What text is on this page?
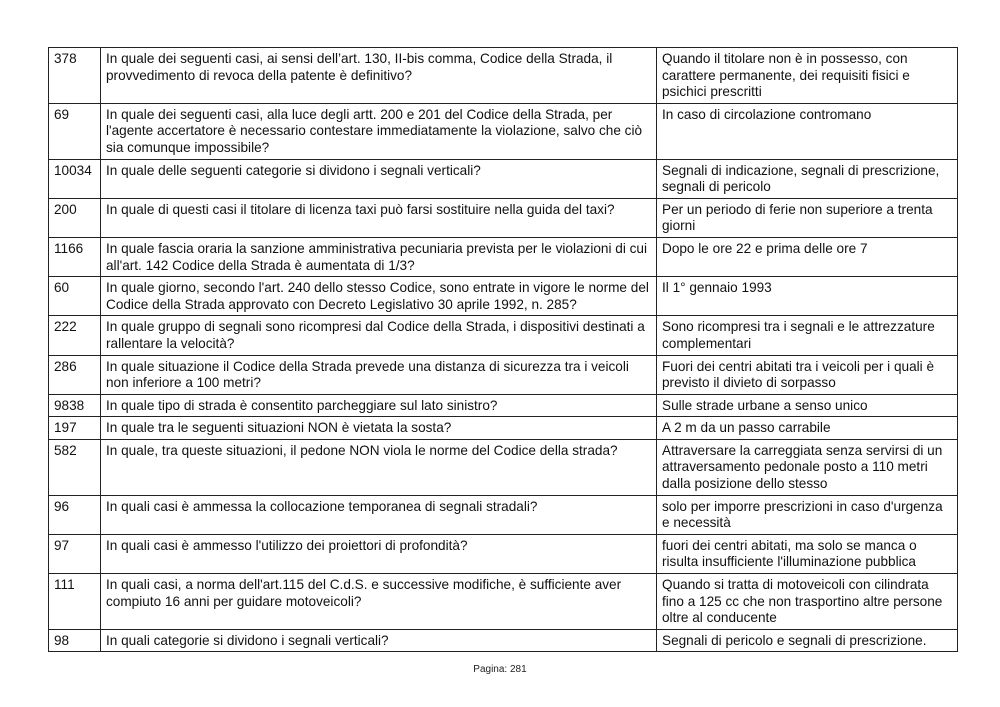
378	In quale dei seguenti casi, ai sensi dell’art. 130, II-bis comma, Codice della Strada, il provvedimento di revoca della patente è definitivo?	Quando il titolare non è in possesso, con carattere permanente, dei requisiti fisici e psichici prescritti
69	In quale dei seguenti casi, alla luce degli artt. 200 e 201 del Codice della Strada, per l'agente accertatore è necessario contestare immediatamente la violazione, salvo che ciò sia comunque impossibile?	In caso di circolazione contromano
10034	In quale delle seguenti categorie si dividono i segnali verticali?	Segnali di indicazione, segnali di prescrizione, segnali di pericolo
200	In quale di questi casi il titolare di licenza taxi può farsi sostituire nella guida del taxi?	Per un periodo di ferie non superiore a trenta giorni
1166	In quale fascia oraria la sanzione amministrativa pecuniaria prevista per le violazioni di cui all'art. 142 Codice della Strada è aumentata di 1/3?	Dopo le ore 22 e prima delle ore 7
60	In quale giorno, secondo l'art. 240 dello stesso Codice, sono entrate in vigore le norme del Codice della Strada approvato con Decreto Legislativo 30 aprile 1992, n. 285?	Il 1° gennaio 1993
222	In quale gruppo di segnali sono ricompresi dal Codice della Strada, i dispositivi destinati a rallentare la velocità?	Sono ricompresi tra i segnali e le attrezzature complementari
286	In quale situazione il Codice della Strada prevede una distanza di sicurezza tra i veicoli non inferiore a 100 metri?	Fuori dei centri abitati tra i veicoli per i quali è previsto il divieto di sorpasso
9838	In quale tipo di strada è consentito parcheggiare sul lato sinistro?	Sulle strade urbane a senso unico
197	In quale tra le seguenti situazioni NON è vietata la sosta?	A 2 m da un passo carrabile
582	In quale, tra queste situazioni, il pedone NON viola le norme del Codice della strada?	Attraversare la carreggiata senza servirsi di un attraversamento pedonale posto a 110 metri dalla posizione dello stesso
96	In quali casi è ammessa la collocazione temporanea di segnali stradali?	solo per imporre prescrizioni in caso d'urgenza e necessità
97	In quali casi è ammesso l'utilizzo dei proiettori di profondità?	fuori dei centri abitati, ma solo se manca o risulta insufficiente l'illuminazione pubblica
111	In quali casi, a norma dell'art.115 del C.d.S. e successive modifiche, è sufficiente aver compiuto 16 anni per guidare motoveicoli?	Quando si tratta di motoveicoli con cilindrata fino a 125 cc che non trasportino altre persone oltre al conducente
98	In quali categorie si dividono i segnali verticali?	Segnali di pericolo e segnali di prescrizione.
Pagina: 281
